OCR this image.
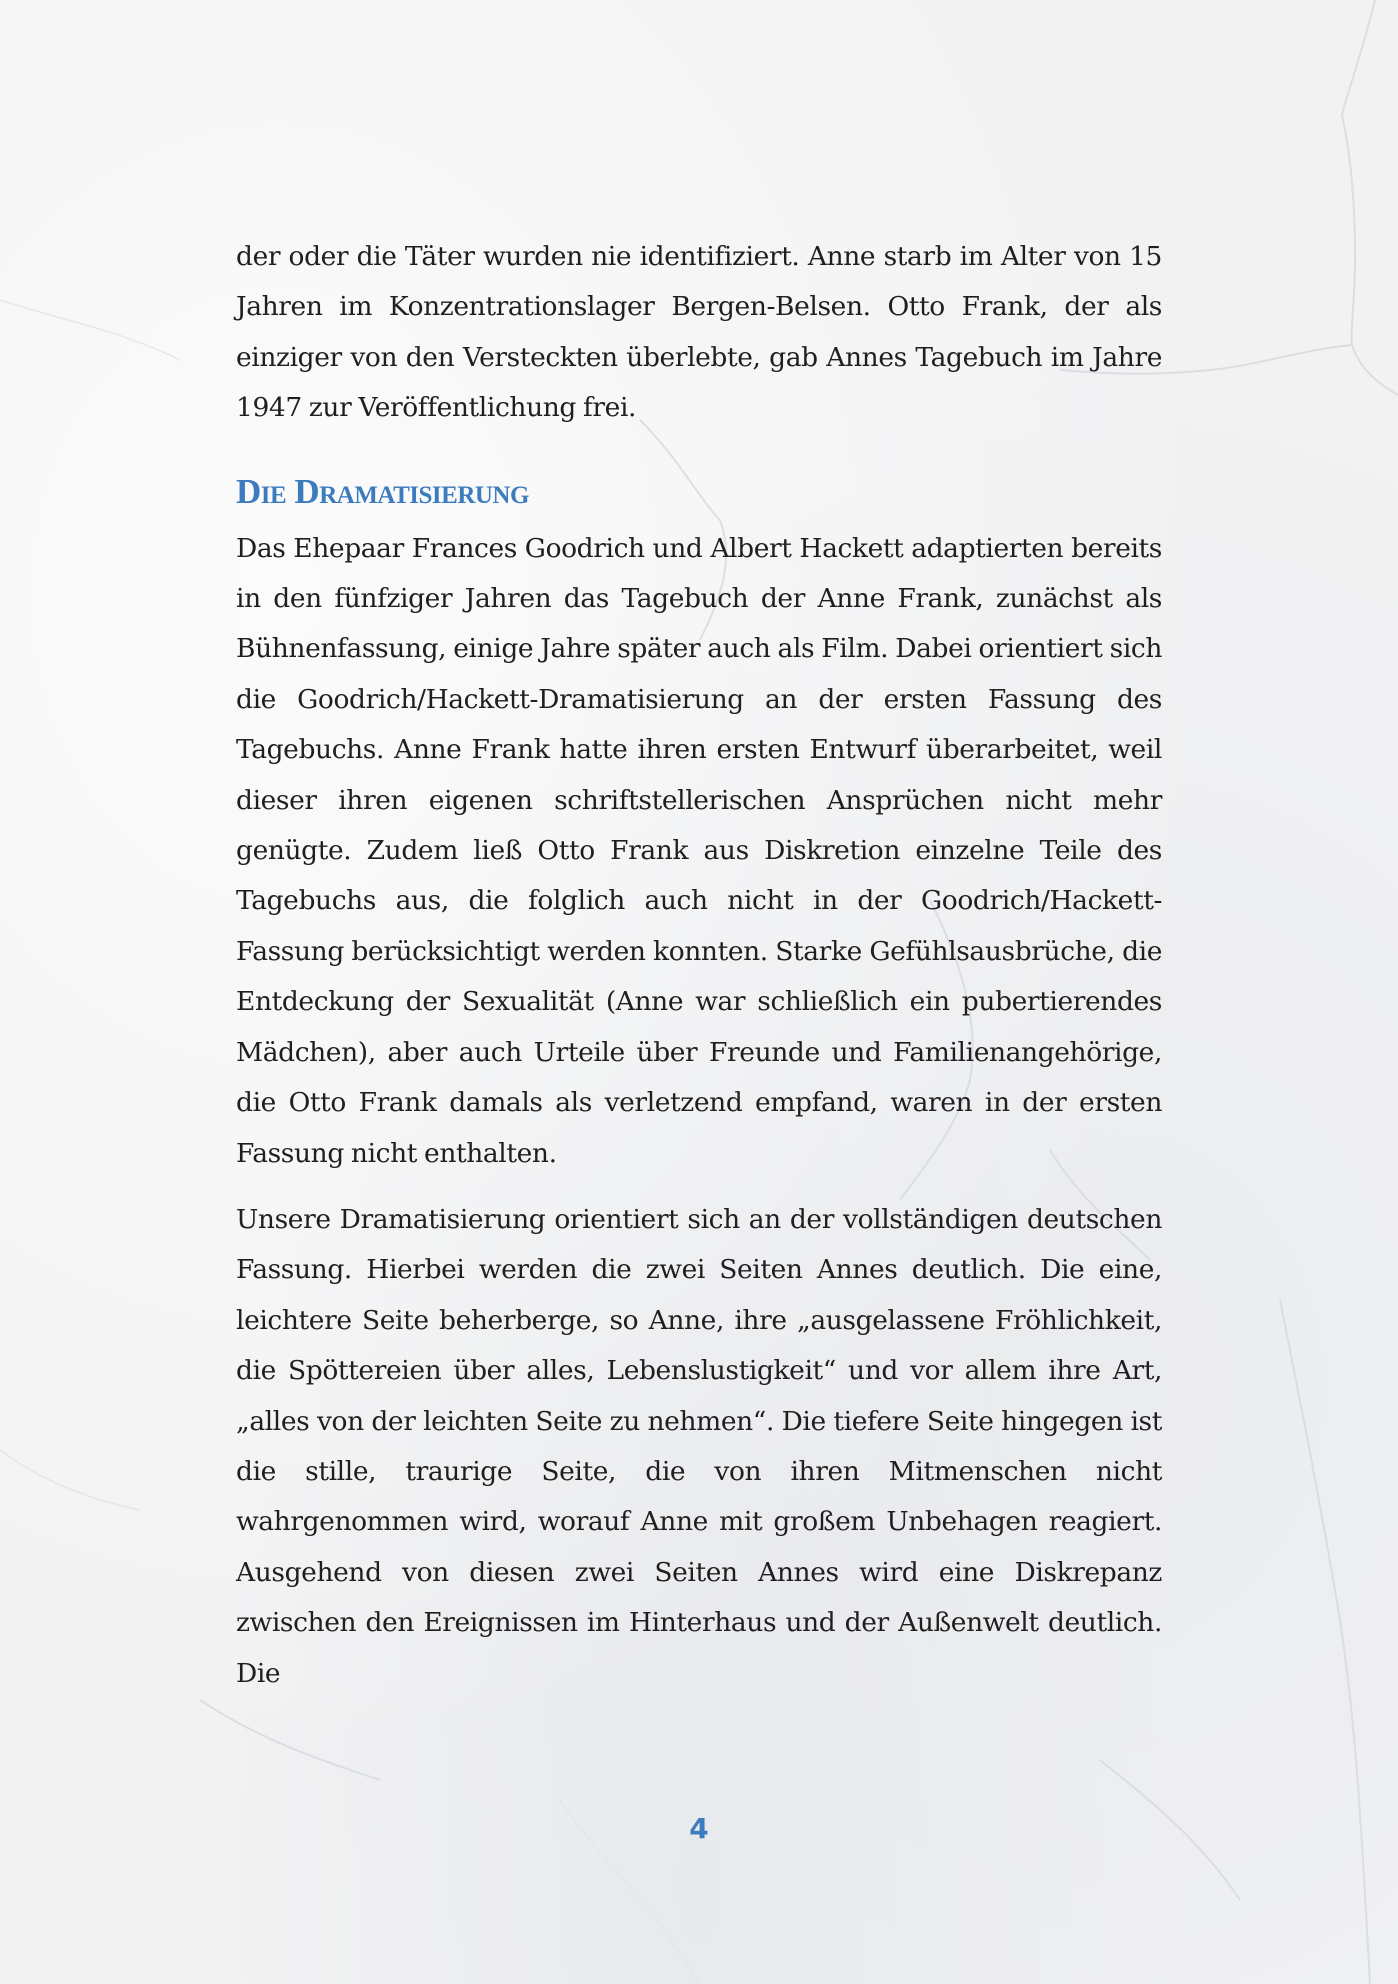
der oder die Täter wurden nie identifiziert. Anne starb im Alter von 15 Jahren im Konzentrationslager Bergen-Belsen. Otto Frank, der als einziger von den Versteckten überlebte, gab Annes Tagebuch im Jahre 1947 zur Veröffentlichung frei.

Die Dramatisierung

Das Ehepaar Frances Goodrich und Albert Hackett adaptierten bereits in den fünfziger Jahren das Tagebuch der Anne Frank, zunächst als Bühnenfassung, einige Jahre später auch als Film. Dabei orientiert sich die Goodrich/Hackett-Dramatisierung an der ersten Fassung des Tagebuchs. Anne Frank hatte ihren ersten Entwurf überarbeitet, weil dieser ihren eigenen schriftstellerischen Ansprüchen nicht mehr genügte. Zudem ließ Otto Frank aus Diskretion einzelne Teile des Tagebuchs aus, die folglich auch nicht in der Goodrich/Hackett-Fassung berücksichtigt werden konnten. Starke Gefühlsausbrüche, die Entdeckung der Sexualität (Anne war schließlich ein pubertierendes Mädchen), aber auch Urteile über Freunde und Familienangehörige, die Otto Frank damals als verletzend empfand, waren in der ersten Fassung nicht enthalten.

Unsere Dramatisierung orientiert sich an der vollständigen deutschen Fassung. Hierbei werden die zwei Seiten Annes deutlich. Die eine, leichtere Seite beherberge, so Anne, ihre „ausgelassene Fröhlichkeit, die Spöttereien über alles, Lebenslustigkeit“ und vor allem ihre Art, „alles von der leichten Seite zu nehmen“. Die tiefere Seite hingegen ist die stille, traurige Seite, die von ihren Mitmenschen nicht wahrgenommen wird, worauf Anne mit großem Unbehagen reagiert. Ausgehend von diesen zwei Seiten Annes wird eine Diskrepanz zwischen den Ereignissen im Hinterhaus und der Außenwelt deutlich. Die

4
